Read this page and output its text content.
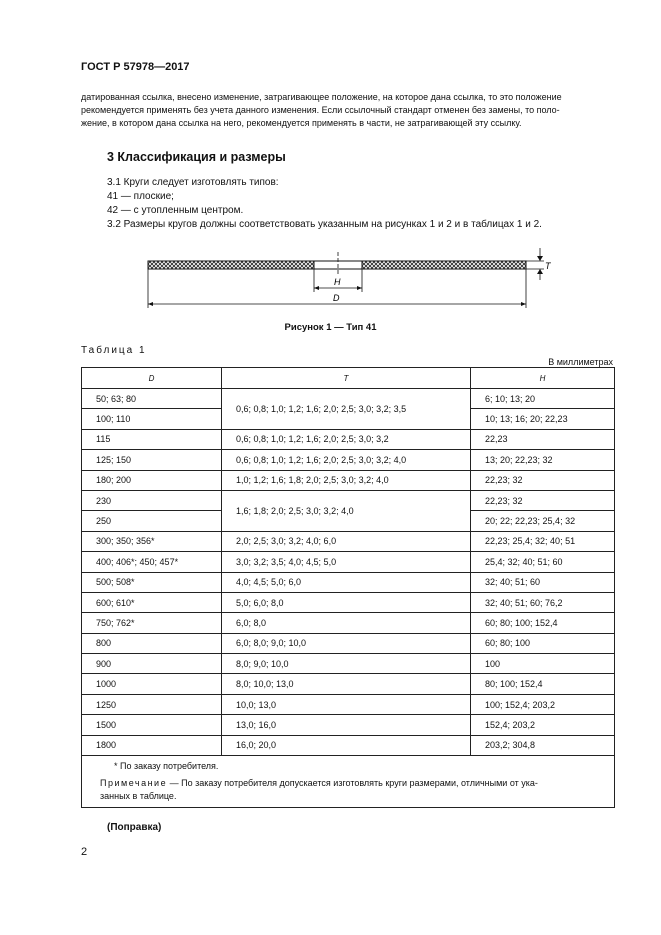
ГОСТ Р 57978—2017
датированная ссылка, внесено изменение, затрагивающее положение, на которое дана ссылка, то это положение
рекомендуется применять без учета данного изменения. Если ссылочный стандарт отменен без замены, то поло-
жение, в котором дана ссылка на него, рекомендуется применять в части, не затрагивающей эту ссылку.
3 Классификация и размеры
3.1 Круги следует изготовлять типов:
41 — плоские;
42 — с утопленным центром.
3.2 Размеры кругов должны соответствовать указанным на рисунках 1 и 2 и в таблицах 1 и 2.
T
H
D
Рисунок 1 — Тип 41
Таблица 1
В миллиметрах
D	T	H
50; 63; 80	0,6; 0,8; 1,0; 1,2; 1,6; 2,0; 2,5; 3,0; 3,2; 3,5	6; 10; 13; 20
100; 110		10; 13; 16; 20; 22,23
115	0,6; 0,8; 1,0; 1,2; 1,6; 2,0; 2,5; 3,0; 3,2	22,23
125; 150	0,6; 0,8; 1,0; 1,2; 1,6; 2,0; 2,5; 3,0; 3,2; 4,0	13; 20; 22,23; 32
180; 200	1,0; 1,2; 1,6; 1,8; 2,0; 2,5; 3,0; 3,2; 4,0	22,23; 32
230	1,6; 1,8; 2,0; 2,5; 3,0; 3,2; 4,0	22,23; 32
250		20; 22; 22,23; 25,4; 32
300; 350; 356*	2,0; 2,5; 3,0; 3,2; 4,0; 6,0	22,23; 25,4; 32; 40; 51
400; 406*; 450; 457*	3,0; 3,2; 3,5; 4,0; 4,5; 5,0	25,4; 32; 40; 51; 60
500; 508*	4,0; 4,5; 5,0; 6,0	32; 40; 51; 60
600; 610*	5,0; 6,0; 8,0	32; 40; 51; 60; 76,2
750; 762*	6,0; 8,0	60; 80; 100; 152,4
800	6,0; 8,0; 9,0; 10,0	60; 80; 100
900	8,0; 9,0; 10,0	100
1000	8,0; 10,0; 13,0	80; 100; 152,4
1250	10,0; 13,0	100; 152,4; 203,2
1500	13,0; 16,0	152,4; 203,2
1800	16,0; 20,0	203,2; 304,8

* По заказу потребителя.
Примечание — По заказу потребителя допускается изготовлять круги размерами, отличными от ука-
занных в таблице.		
(Поправка)
2
